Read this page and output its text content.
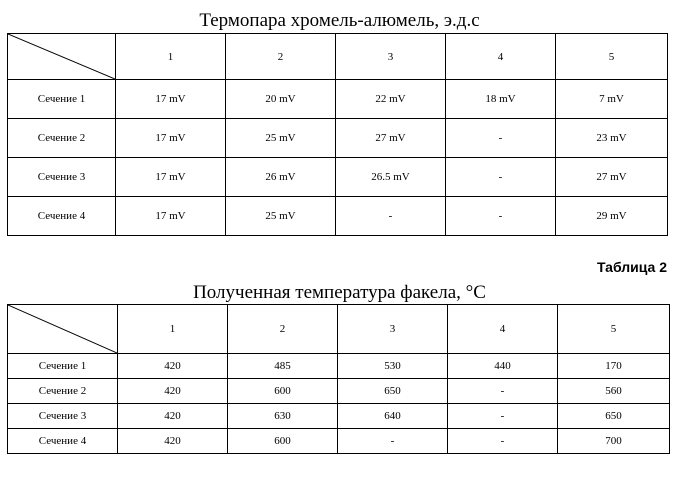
Термопара хромель-алюмель, э.д.с
	1	2	3	4	5
Сечение 1	17 mV	20 mV	22 mV	18 mV	7 mV
Сечение 2	17 mV	25 mV	27 mV	-	23 mV
Сечение 3	17 mV	26 mV	26.5 mV	-	27 mV
Сечение 4	17 mV	25 mV	-	-	29 mV
Таблица 2
Полученная температура факела, °С
	1	2	3	4	5
Сечение 1	420	485	530	440	170
Сечение 2	420	600	650	-	560
Сечение 3	420	630	640	-	650
Сечение 4	420	600	-	-	700
